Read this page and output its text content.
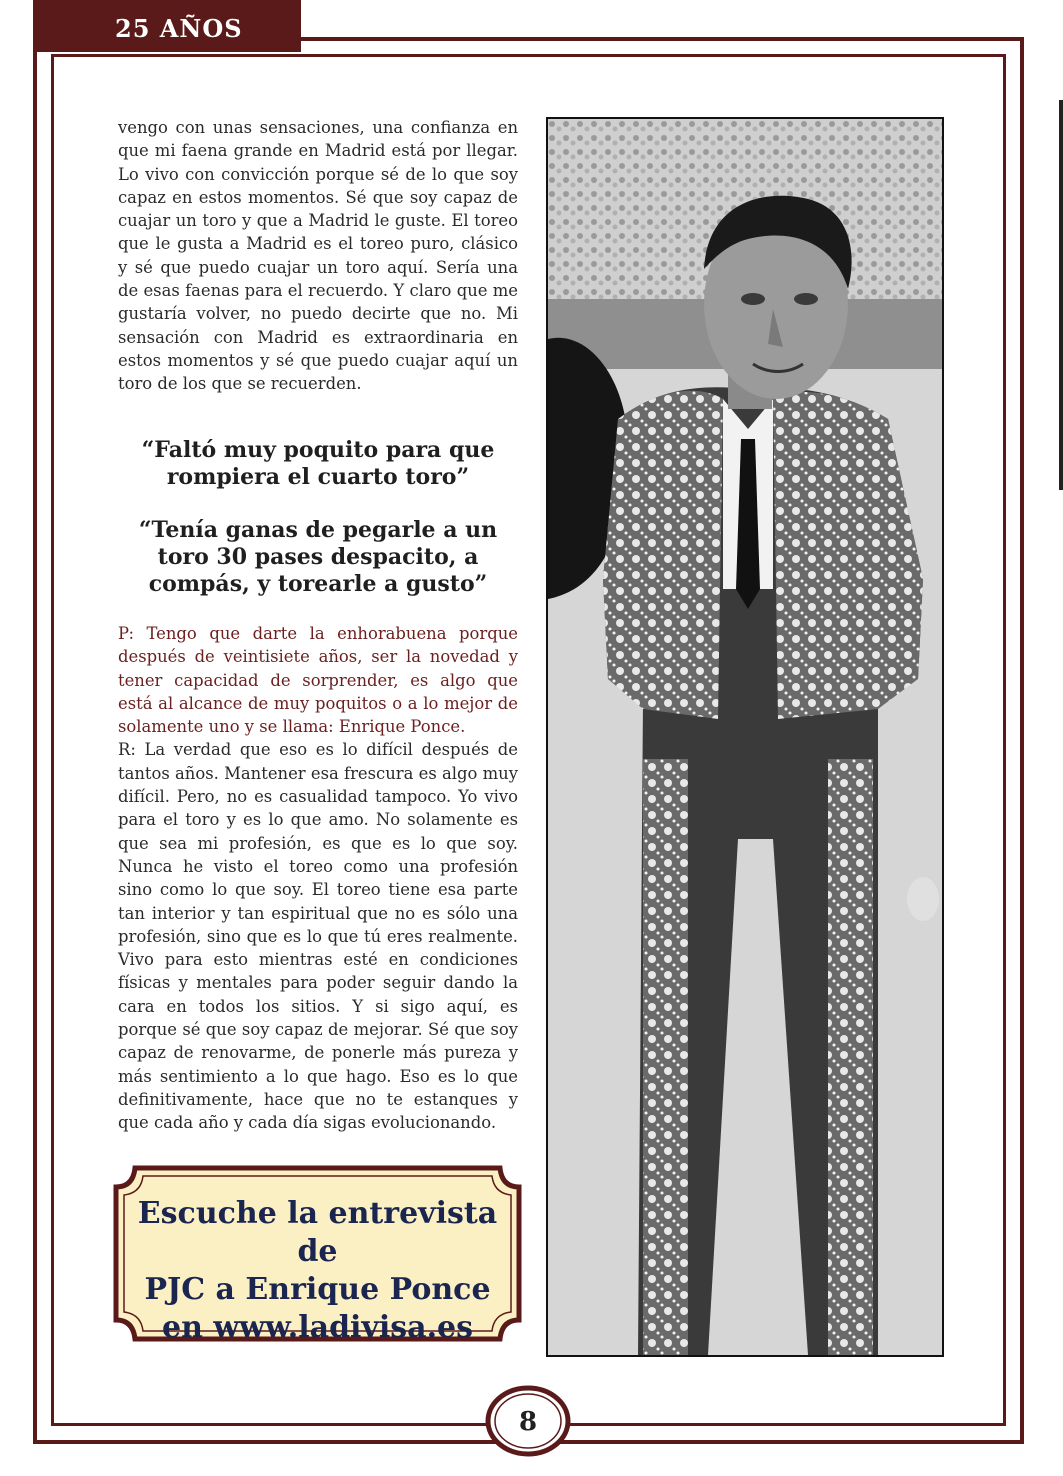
25 AÑOS

vengo con unas sensaciones, una confianza en que mi faena grande en Madrid está por llegar. Lo vivo con convicción porque sé de lo que soy capaz en estos momentos. Sé que soy capaz de cuajar un toro y que a Madrid le guste. El toreo que le gusta a Madrid es el toreo puro, clásico y sé que puedo cuajar un toro aquí. Sería una de esas faenas para el recuerdo. Y claro que me gustaría volver, no puedo decirte que no. Mi sensación con Madrid es extraordinaria en estos momentos y sé que puedo cuajar aquí un toro de los que se recuerden.

“Faltó muy poquito para que rompiera el cuarto toro”
“Tenía ganas de pegarle a un toro 30 pases despacito, a compás, y torearle a gusto”

P: Tengo que darte la enhorabuena porque después de veintisiete años, ser la novedad y tener capacidad de sorprender, es algo que está al alcance de muy poquitos o a lo mejor de solamente uno y se llama: Enrique Ponce.

R: La verdad que eso es lo difícil después de tantos años. Mantener esa frescura es algo muy difícil. Pero, no es casualidad tampoco. Yo vivo para el toro y es lo que amo. No solamente es que sea mi profesión, es que es lo que soy. Nunca he visto el toreo como una profesión sino como lo que soy. El toreo tiene esa parte tan interior y tan espiritual que no es sólo una profesión, sino que es lo que tú eres realmente. Vivo para esto mientras esté en condiciones físicas y mentales para poder seguir dando la cara en todos los sitios. Y si sigo aquí, es porque sé que soy capaz de mejorar. Sé que soy capaz de renovarme, de ponerle más pureza y más sentimiento a lo que hago. Eso es lo que definitivamente, hace que no te estanques y que cada año y cada día sigas evolucionando.

Escuche la entrevista de
PJC a Enrique Ponce
en www.ladivisa.es
8
